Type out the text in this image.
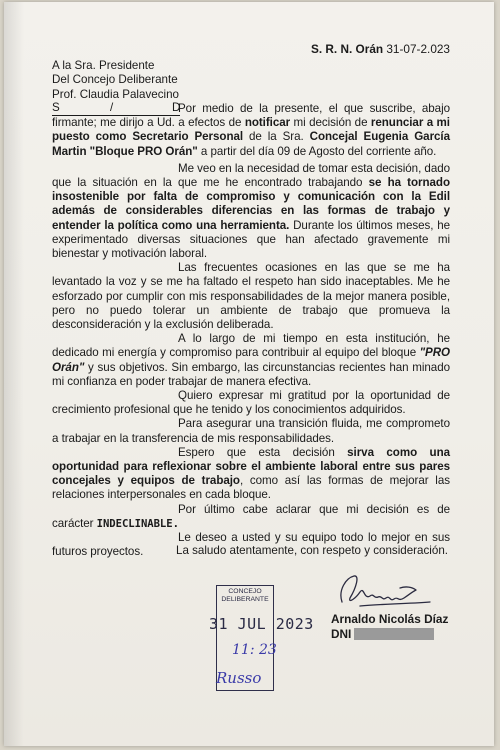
S. R. N. Orán 31-07-2.023
A la Sra. Presidente
Del Concejo Deliberante
Prof. Claudia Palavecino
S	/	D

Por medio de la presente, el que suscribe, abajo firmante; me dirijo a Ud. a efectos de notificar mi decisión de renunciar a mi puesto como Secretario Personal de la Sra. Concejal Eugenia García Martin "Bloque PRO Orán" a partir del día 09 de Agosto del corriente año.

Me veo en la necesidad de tomar esta decisión, dado que la situación en la que me he encontrado trabajando se ha tornado insostenible por falta de compromiso y comunicación con la Edil además de considerables diferencias en las formas de trabajo y entender la política como una herramienta. Durante los últimos meses, he experimentado diversas situaciones que han afectado gravemente mi bienestar y motivación laboral.

Las frecuentes ocasiones en las que se me ha levantado la voz y se me ha faltado el respeto han sido inaceptables. Me he esforzado por cumplir con mis responsabilidades de la mejor manera posible, pero no puedo tolerar un ambiente de trabajo que promueva la desconsideración y la exclusión deliberada.

A lo largo de mi tiempo en esta institución, he dedicado mi energía y compromiso para contribuir al equipo del bloque "PRO Orán" y sus objetivos. Sin embargo, las circunstancias recientes han minado mi confianza en poder trabajar de manera efectiva.

Quiero expresar mi gratitud por la oportunidad de crecimiento profesional que he tenido y los conocimientos adquiridos.

Para asegurar una transición fluida, me comprometo a trabajar en la transferencia de mis responsabilidades.

Espero que esta decisión sirva como una oportunidad para reflexionar sobre el ambiente laboral entre sus pares concejales y equipos de trabajo, como así las formas de mejorar las relaciones interpersonales en cada bloque.

Por último cabe aclarar que mi decisión es de carácter INDECLINABLE.

Le deseo a usted y su equipo todo lo mejor en sus futuros proyectos.	La saludo atentamente, con respeto y consideración.
Arnaldo Nicolás Díaz
DNI
CONCEJO
DELIBERANTE
31 JUL 2023
11: 23
Russo
